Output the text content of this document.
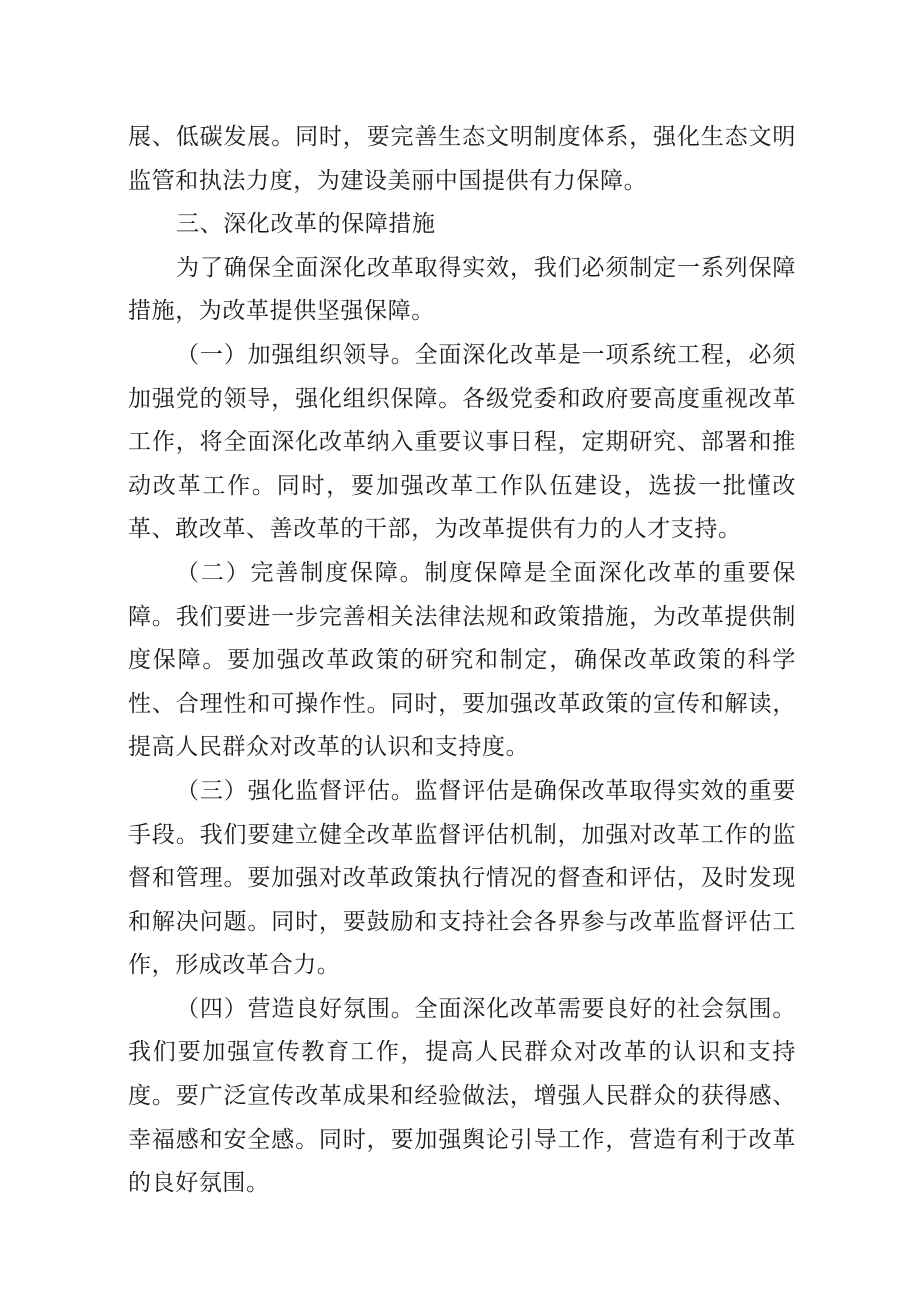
展、低碳发展。同时，要完善生态文明制度体系，强化生态文明监管和执法力度，为建设美丽中国提供有力保障。

三、深化改革的保障措施

为了确保全面深化改革取得实效，我们必须制定一系列保障措施，为改革提供坚强保障。

（一）加强组织领导。全面深化改革是一项系统工程，必须加强党的领导，强化组织保障。各级党委和政府要高度重视改革工作，将全面深化改革纳入重要议事日程，定期研究、部署和推动改革工作。同时，要加强改革工作队伍建设，选拔一批懂改革、敢改革、善改革的干部，为改革提供有力的人才支持。

（二）完善制度保障。制度保障是全面深化改革的重要保障。我们要进一步完善相关法律法规和政策措施，为改革提供制度保障。要加强改革政策的研究和制定，确保改革政策的科学性、合理性和可操作性。同时，要加强改革政策的宣传和解读，提高人民群众对改革的认识和支持度。

（三）强化监督评估。监督评估是确保改革取得实效的重要手段。我们要建立健全改革监督评估机制，加强对改革工作的监督和管理。要加强对改革政策执行情况的督查和评估，及时发现和解决问题。同时，要鼓励和支持社会各界参与改革监督评估工作，形成改革合力。

（四）营造良好氛围。全面深化改革需要良好的社会氛围。我们要加强宣传教育工作，提高人民群众对改革的认识和支持度。要广泛宣传改革成果和经验做法，增强人民群众的获得感、幸福感和安全感。同时，要加强舆论引导工作，营造有利于改革的良好氛围。
